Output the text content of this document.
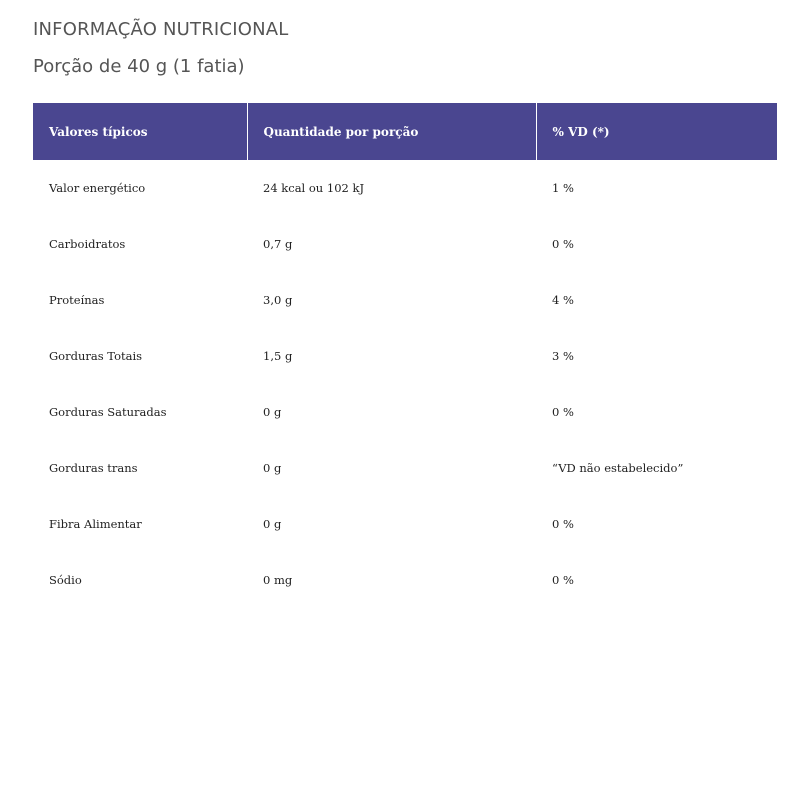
INFORMAÇÃO NUTRICIONAL
Porção de 40 g (1 fatia)
Valores típicos	Quantidade por porção	% VD (*)
Valor energético	24 kcal ou 102 kJ	1 %
Carboidratos	0,7 g	0 %
Proteínas	3,0 g	4 %
Gorduras Totais	1,5 g	3 %
Gorduras Saturadas	0 g	0 %
Gorduras trans	0 g	“VD não estabelecido”
Fibra Alimentar	0 g	0 %
Sódio	0 mg	0 %
